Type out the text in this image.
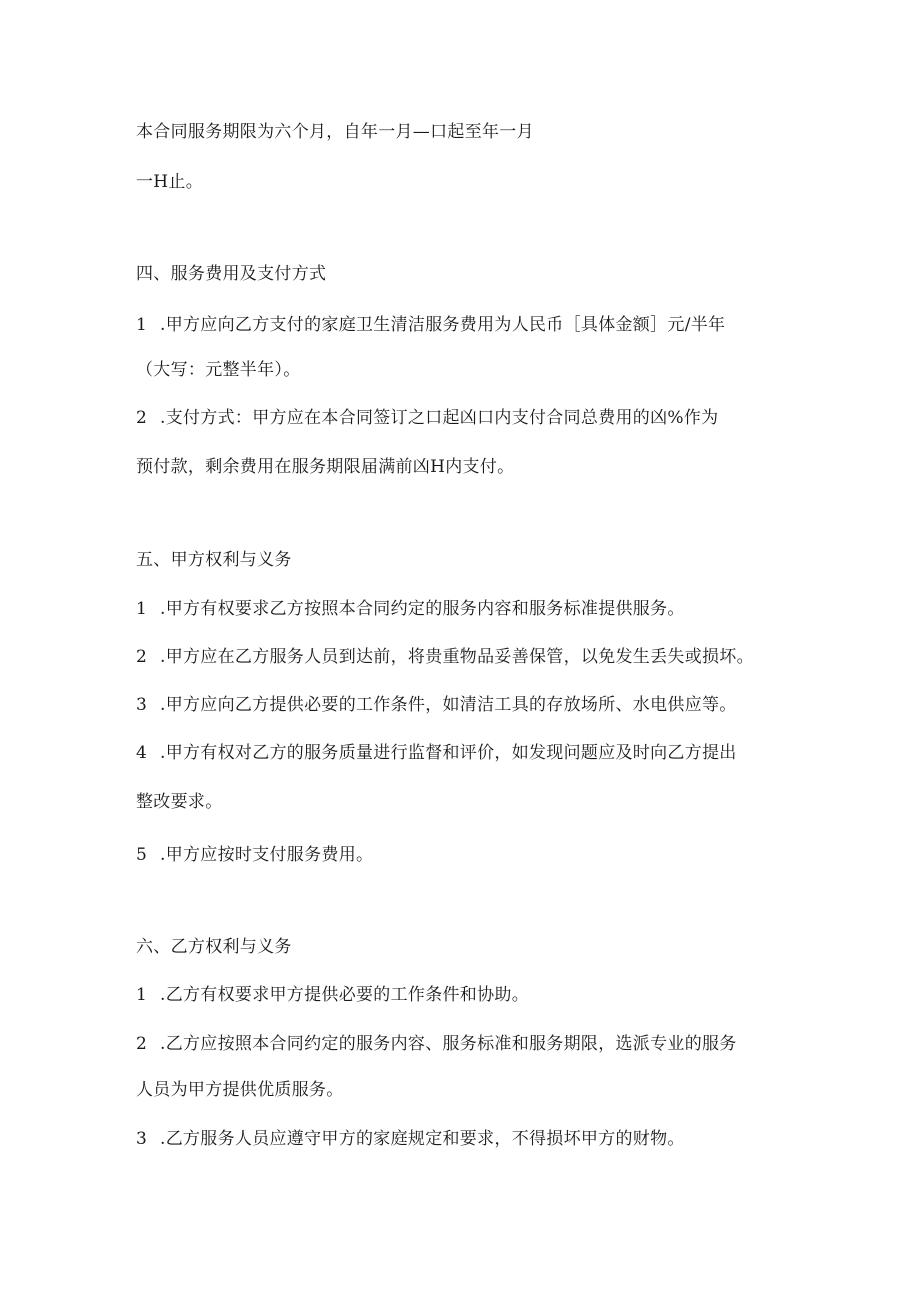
本合同服务期限为六个月，自年一月—口起至年一月
一H止。
四、服务费用及支付方式
1 .甲方应向乙方支付的家庭卫生清洁服务费用为人民币［具体金额］元/半年
（大写：元整半年）。
2 .支付方式：甲方应在本合同签订之口起凶口内支付合同总费用的凶%作为
预付款，剩余费用在服务期限届满前凶H内支付。
五、甲方权利与义务
1 .甲方有权要求乙方按照本合同约定的服务内容和服务标准提供服务。
2 .甲方应在乙方服务人员到达前，将贵重物品妥善保管，以免发生丢失或损坏。
3 .甲方应向乙方提供必要的工作条件，如清洁工具的存放场所、水电供应等。
4 .甲方有权对乙方的服务质量进行监督和评价，如发现问题应及时向乙方提出
整改要求。
5 .甲方应按时支付服务费用。
六、乙方权利与义务
1 .乙方有权要求甲方提供必要的工作条件和协助。
2 .乙方应按照本合同约定的服务内容、服务标准和服务期限，选派专业的服务
人员为甲方提供优质服务。
3 .乙方服务人员应遵守甲方的家庭规定和要求，不得损坏甲方的财物。
